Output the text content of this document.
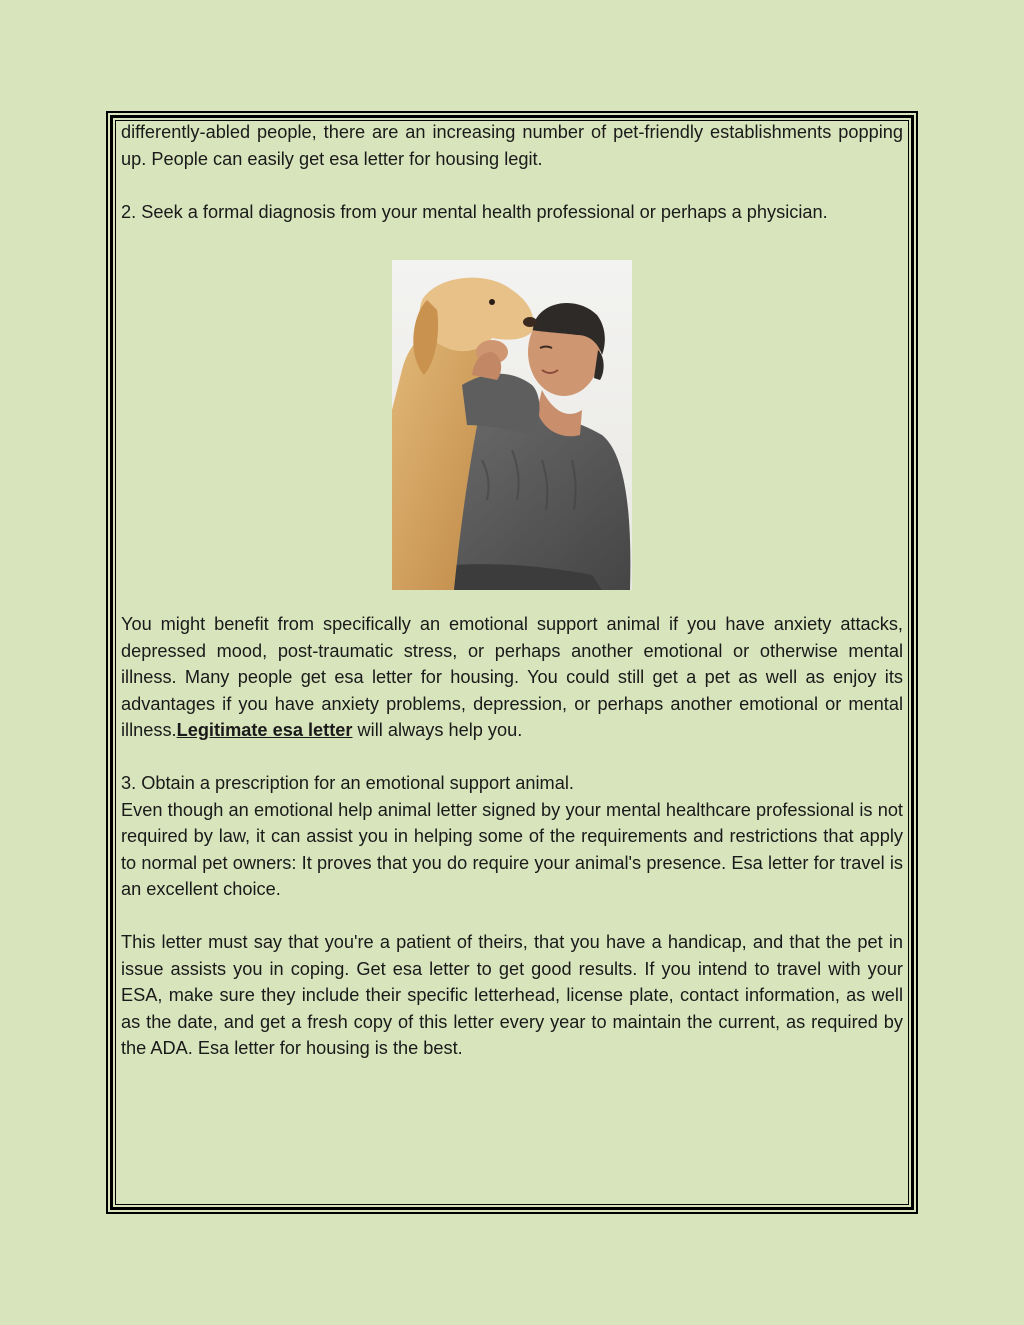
differently-abled people, there are an increasing number of pet-friendly establishments popping up. People can easily get esa letter for housing legit.

2. Seek a formal diagnosis from your mental health professional or perhaps a physician.

You might benefit from specifically an emotional support animal if you have anxiety attacks, depressed mood, post-traumatic stress, or perhaps another emotional or otherwise mental illness. Many people get esa letter for housing. You could still get a pet as well as enjoy its advantages if you have anxiety problems, depression, or perhaps another emotional or mental illness.Legitimate esa letter will always help you.

3. Obtain a prescription for an emotional support animal.

Even though an emotional help animal letter signed by your mental healthcare professional is not required by law, it can assist you in helping some of the requirements and restrictions that apply to normal pet owners: It proves that you do require your animal's presence. Esa letter for travel is an excellent choice.

This letter must say that you're a patient of theirs, that you have a handicap, and that the pet in issue assists you in coping. Get esa letter to get good results. If you intend to travel with your ESA, make sure they include their specific letterhead, license plate, contact information, as well as the date, and get a fresh copy of this letter every year to maintain the current, as required by the ADA. Esa letter for housing is the best.
